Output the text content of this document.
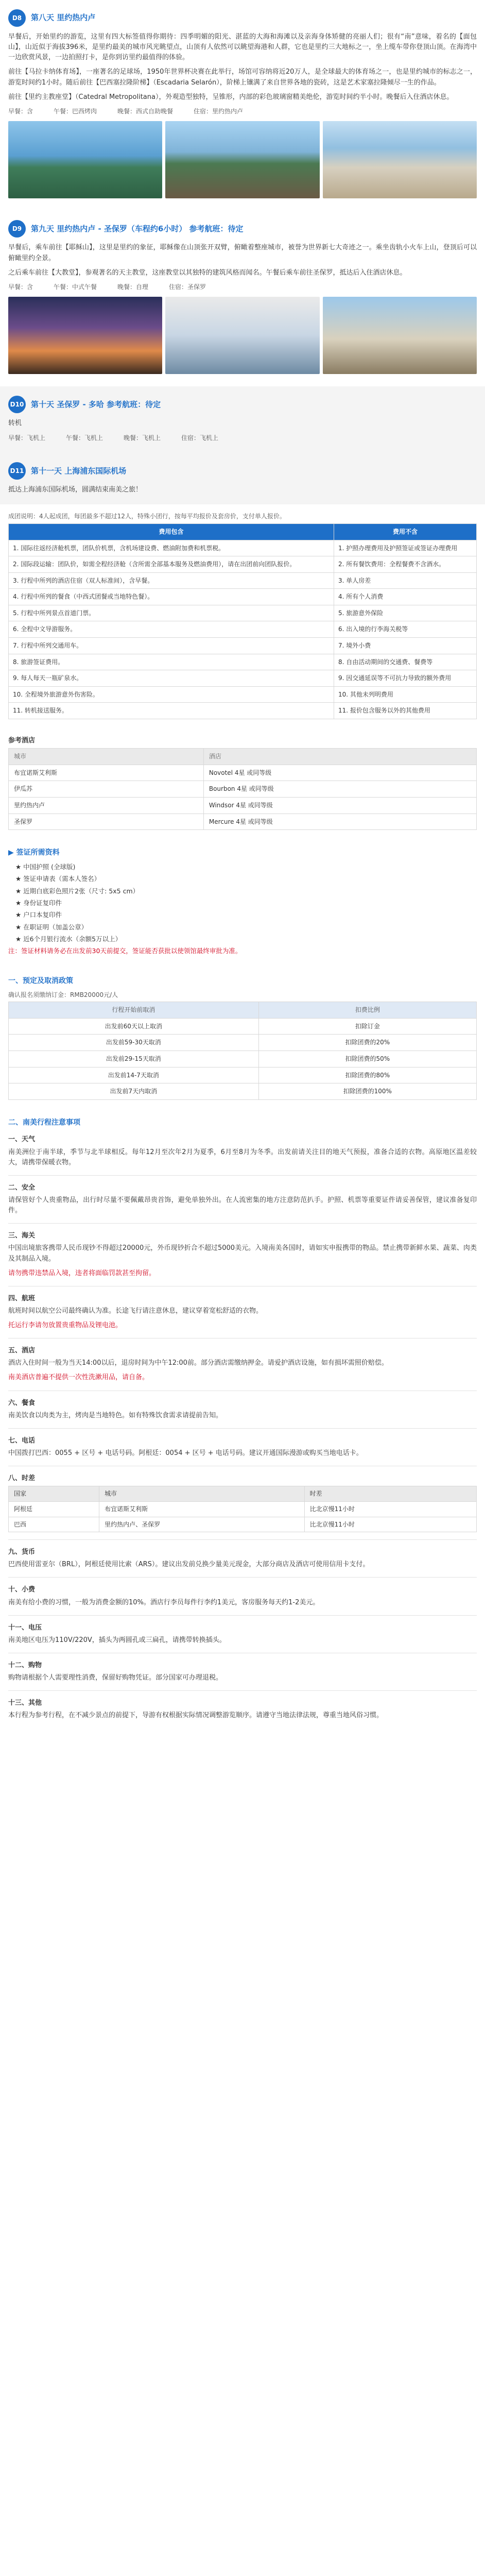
D8	第八天 里约热内卢

早餐后，开始里约的游览，这里有四大标签值得你期待：四季明媚的阳光、湛蓝的大海和海滩以及亲海身体矫健的亮丽人们；很有“南”意味，着名的【面包山】，山近似于海拔396米，是里约最美的城市风光眺望点，山顶有人依然可以眺望海港和人群，它也是里约三大地标之一，坐上缆车带你登顶山顶。在海湾中一边欣赏风景，一边拍照打卡，是你到访里约最值得的体验。

前往【马拉卡纳体育场】，一座著名的足球场，1950年世界杯决赛在此举行，场馆可容纳将近20万人，是全球最大的体育场之一，也是里约城市的标志之一，游览时间约1小时。随后前往【巴西塞拉隆阶梯】（Escadaria Selarón），阶梯上镶满了来自世界各地的瓷砖，这是艺术家塞拉隆倾尽一生的作品。

前往【里约主教座堂】（Catedral Metropolitana），外观造型独特，呈锥形，内部的彩色玻璃窗精美绝伦，游览时间约半小时。晚餐后入住酒店休息。

早餐：含	午餐：巴西烤肉	晚餐：西式自助晚餐	住宿：里约热内卢
D9	第九天 里约热内卢 - 圣保罗（车程约6小时） 参考航班：待定

早餐后，乘车前往【耶稣山】，这里是里约的象征，耶稣像在山顶张开双臂，俯瞰着整座城市，被誉为世界新七大奇迹之一。乘坐齿轨小火车上山，登顶后可以俯瞰里约全景。

之后乘车前往【大教堂】，参观著名的天主教堂，这座教堂以其独特的建筑风格而闻名。午餐后乘车前往圣保罗，抵达后入住酒店休息。

早餐：含	午餐：中式午餐	晚餐：自理	住宿：圣保罗
D10 第十天 圣保罗 - 多哈 参考航班：待定

转机

早餐：飞机上	午餐：飞机上	晚餐：飞机上	住宿：飞机上
D11 第十一天 上海浦东国际机场

抵达上海浦东国际机场，圆满结束南美之旅！

成团说明：4人起成团，每团最多不超过12人，特殊小团行，按每平均报价及套房价，支付单人报价。

费用包含	费用不含
1. 国际往返经济舱机票，团队价机票，含机场建设费、燃油附加费和机票税。	1. 护照办理费用及护照签证或签证办理费用
2. 国际段运输：团队价，如需全程经济舱（含所需全部基本服务及燃油费用），请在出团前向团队报价。	2. 所有餐饮费用：全程餐费不含酒水。
3. 行程中所列的酒店住宿（双人标准间），含早餐。	3. 单人房差
4. 行程中所列的餐食（中西式团餐或当地特色餐）。	4. 所有个人消费
5. 行程中所列景点首道门票。	5. 旅游意外保险
6. 全程中文导游服务。	6. 出入境的行李海关税等
7. 行程中所列交通用车。	7. 境外小费
8. 旅游签证费用。	8. 自由活动期间的交通费、餐费等
9. 每人每天一瓶矿泉水。	9. 因交通延误等不可抗力导致的额外费用
10. 全程境外旅游意外伤害险。	10. 其他未列明费用
11. 转机接送服务。	11. 报价包含服务以外的其他费用
参考酒店
城市	酒店
布宜诺斯艾利斯	Novotel 4星 或同等级
伊瓜苏	Bourbon 4星 或同等级
里约热内卢	Windsor 4星 或同等级
圣保罗	Mercure 4星 或同等级
▶ 签证所需资料

★ 中国护照 (全球版)

★ 签证申请表（需本人签名）

★ 近期白底彩色照片2张（尺寸: 5x5 cm）

★ 身份证复印件

★ 户口本复印件

★ 在职证明（加盖公章）

★ 近6个月银行流水（余额5万以上）

注：签证材料请务必在出发前30天前提交，签证能否获批以使领馆最终审批为准。

一、预定及取消政策

确认报名须缴纳订金：RMB20000元/人

行程开始前取消	扣费比例
出发前60天以上取消	扣除订金
出发前59-30天取消	扣除团费的20%
出发前29-15天取消	扣除团费的50%
出发前14-7天取消	扣除团费的80%
出发前7天内取消	扣除团费的100%
二、南美行程注意事项
一、天气

南美洲位于南半球，季节与北半球相反。每年12月至次年2月为夏季，6月至8月为冬季。出发前请关注目的地天气预报，准备合适的衣物。高原地区温差较大，请携带保暖衣物。

二、安全

请保管好个人贵重物品，出行时尽量不要佩戴昂贵首饰，避免单独外出。在人流密集的地方注意防范扒手。护照、机票等重要证件请妥善保管，建议准备复印件。

三、海关

中国出境旅客携带人民币现钞不得超过20000元，外币现钞折合不超过5000美元。入境南美各国时，请如实申报携带的物品。禁止携带新鲜水果、蔬菜、肉类及其制品入境。

请勿携带违禁品入境，违者将面临罚款甚至拘留。

四、航班

航班时间以航空公司最终确认为准。长途飞行请注意休息，建议穿着宽松舒适的衣物。

托运行李请勿放置贵重物品及锂电池。

五、酒店

酒店入住时间一般为当天14:00以后，退房时间为中午12:00前。部分酒店需缴纳押金。请爱护酒店设施，如有损坏需照价赔偿。

南美酒店普遍不提供一次性洗漱用品，请自备。

六、餐食

南美饮食以肉类为主，烤肉是当地特色。如有特殊饮食需求请提前告知。

七、电话

中国拨打巴西：0055 + 区号 + 电话号码。阿根廷：0054 + 区号 + 电话号码。建议开通国际漫游或购买当地电话卡。

八、时差
国家	城市	时差
阿根廷	布宜诺斯艾利斯	比北京慢11小时
巴西	里约热内卢、圣保罗	比北京慢11小时
九、货币

巴西使用雷亚尔（BRL），阿根廷使用比索（ARS）。建议出发前兑换少量美元现金，大部分商店及酒店可使用信用卡支付。

十、小费

南美有给小费的习惯，一般为消费金额的10%。酒店行李员每件行李约1美元，客房服务每天约1-2美元。

十一、电压

南美地区电压为110V/220V，插头为两圆孔或三扁孔，请携带转换插头。

十二、购物

购物请根据个人需要理性消费，保留好购物凭证。部分国家可办理退税。

十三、其他

本行程为参考行程，在不减少景点的前提下，导游有权根据实际情况调整游览顺序。请遵守当地法律法规，尊重当地风俗习惯。
